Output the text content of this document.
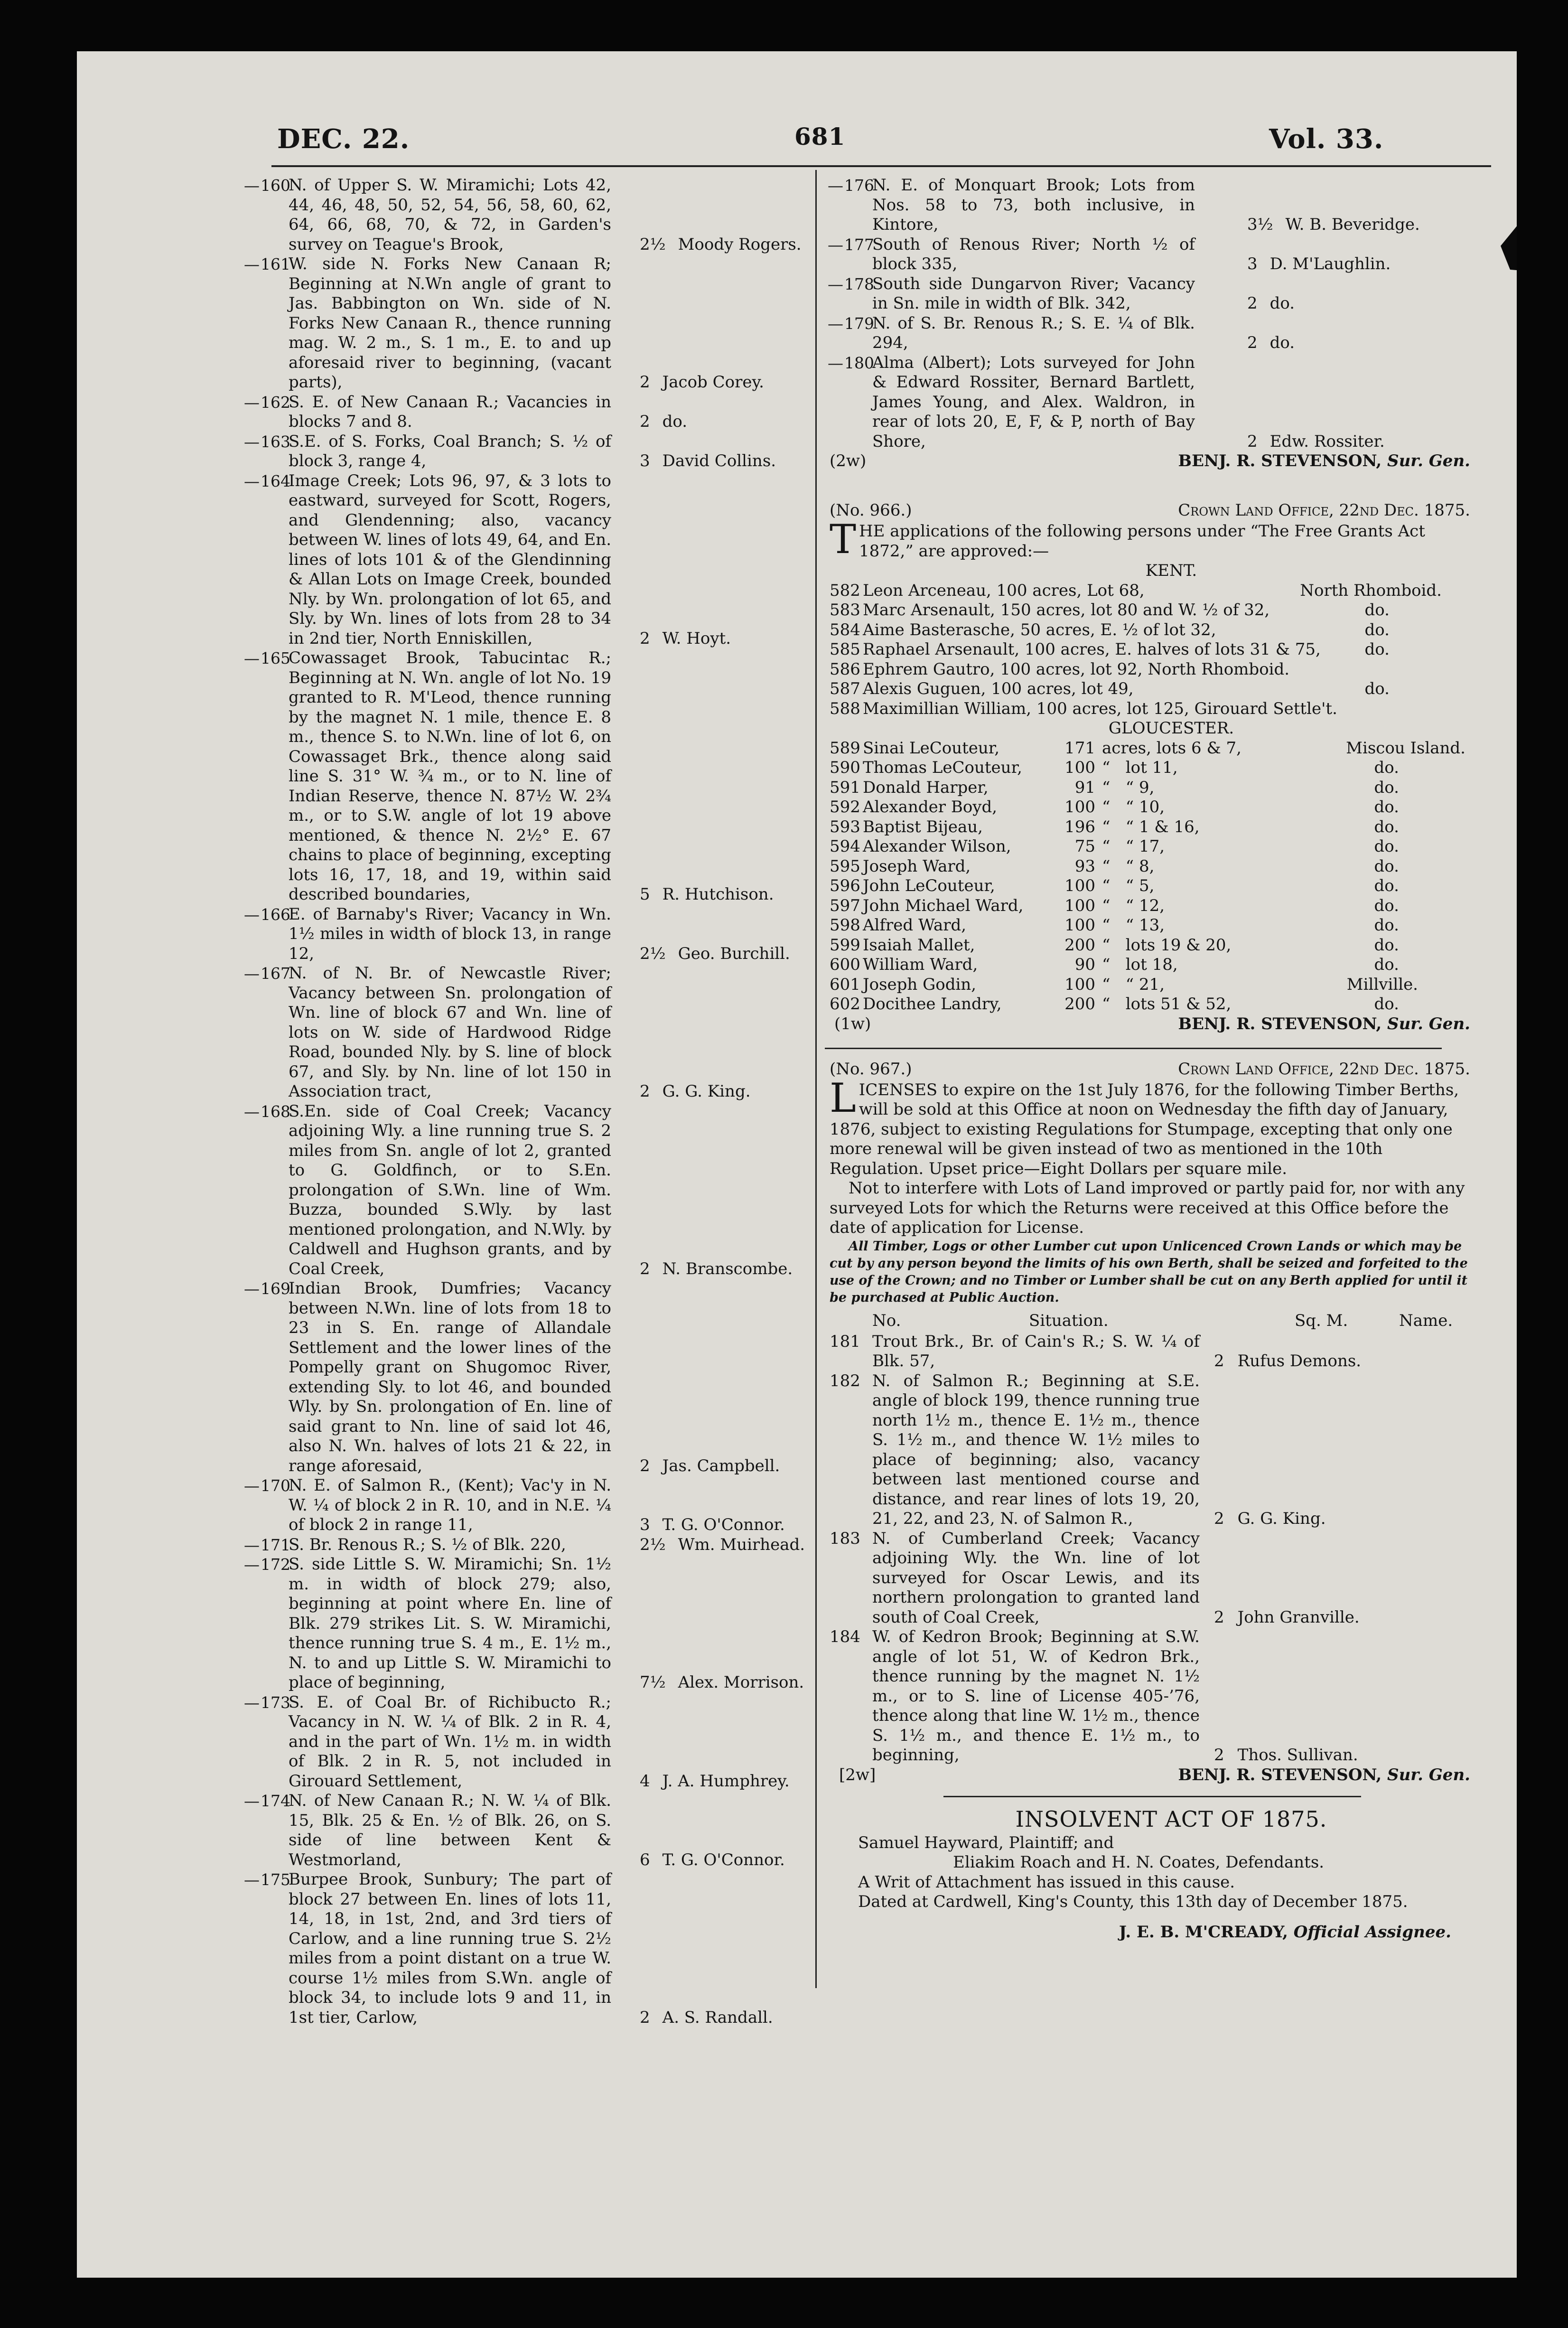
DEC. 22.	681	Vol. 33.
— 160
N. of Upper S. W. Miramichi; Lots 42, 44, 46, 48, 50, 52, 54, 56, 58, 60, 62, 64, 66, 68, 70, & 72, in Garden's survey on Teague's Brook,	2½ Moody Rogers.
— 161
W. side N. Forks New Canaan R; Beginning at N.Wn angle of grant to Jas. Babbington on Wn. side of N. Forks New Canaan R., thence running mag. W. 2 m., S. 1 m., E. to and up aforesaid river to beginning, (vacant parts),	2 Jacob Corey.
— 162
S. E. of New Canaan R.; Vacancies in blocks 7 and 8.	2 do.
— 163
S.E. of S. Forks, Coal Branch; S. ½ of block 3, range 4,	3 David Collins.
— 164
Image Creek; Lots 96, 97, & 3 lots to eastward, surveyed for Scott, Rogers, and Glendenning; also, vacancy between W. lines of lots 49, 64, and En. lines of lots 101 & of the Glendinning & Allan Lots on Image Creek, bounded Nly. by Wn. prolongation of lot 65, and Sly. by Wn. lines of lots from 28 to 34 in 2nd tier, North Enniskillen,	2 W. Hoyt.
— 165
Cowassaget Brook, Tabucintac R.; Beginning at N. Wn. angle of lot No. 19 granted to R. M'Leod, thence running by the magnet N. 1 mile, thence E. 8 m., thence S. to N.Wn. line of lot 6, on Cowassaget Brk., thence along said line S. 31° W. ¾ m., or to N. line of Indian Reserve, thence N. 87½ W. 2¾ m., or to S.W. angle of lot 19 above mentioned, & thence N. 2½° E. 67 chains to place of beginning, excepting lots 16, 17, 18, and 19, within said described boundaries,	5 R. Hutchison.
— 166
E. of Barnaby's River; Vacancy in Wn. 1½ miles in width of block 13, in range 12,	2½ Geo. Burchill.
— 167
N. of N. Br. of Newcastle River; Vacancy between Sn. prolongation of Wn. line of block 67 and Wn. line of lots on W. side of Hardwood Ridge Road, bounded Nly. by S. line of block 67, and Sly. by Nn. line of lot 150 in Association tract,	2 G. G. King.
— 168
S.En. side of Coal Creek; Vacancy adjoining Wly. a line running true S. 2 miles from Sn. angle of lot 2, granted to G. Goldfinch, or to S.En. prolongation of S.Wn. line of Wm. Buzza, bounded S.Wly. by last mentioned prolongation, and N.Wly. by Caldwell and Hughson grants, and by Coal Creek,	2 N. Branscombe.
— 169
Indian Brook, Dumfries; Vacancy between N.Wn. line of lots from 18 to 23 in S. En. range of Allandale Settlement and the lower lines of the Pompelly grant on Shugomoc River, extending Sly. to lot 46, and bounded Wly. by Sn. prolongation of En. line of said grant to Nn. line of said lot 46, also N. Wn. halves of lots 21 & 22, in range aforesaid,	2 Jas. Campbell.
— 170
N. E. of Salmon R., (Kent); Vac'y in N. W. ¼ of block 2 in R. 10, and in N.E. ¼ of block 2 in range 11,	3 T. G. O'Connor.
— 171
S. Br. Renous R.; S. ½ of Blk. 220,	2½ Wm. Muirhead.
— 172
S. side Little S. W. Miramichi; Sn. 1½ m. in width of block 279; also, beginning at point where En. line of Blk. 279 strikes Lit. S. W. Miramichi, thence running true S. 4 m., E. 1½ m., N. to and up Little S. W. Miramichi to place of beginning,	7½ Alex. Morrison.
— 173
S. E. of Coal Br. of Richibucto R.; Vacancy in N. W. ¼ of Blk. 2 in R. 4, and in the part of Wn. 1½ m. in width of Blk. 2 in R. 5, not included in Girouard Settlement,	4 J. A. Humphrey.
— 174
N. of New Canaan R.; N. W. ¼ of Blk. 15, Blk. 25 & En. ½ of Blk. 26, on S. side of line between Kent & Westmorland,	6 T. G. O'Connor.
— 175
Burpee Brook, Sunbury; The part of block 27 between En. lines of lots 11, 14, 18, in 1st, 2nd, and 3rd tiers of Carlow, and a line running true S. 2½ miles from a point distant on a true W. course 1½ miles from S.Wn. angle of block 34, to include lots 9 and 11, in 1st tier, Carlow,	2 A. S. Randall.
— 176
N. E. of Monquart Brook; Lots from Nos. 58 to 73, both inclusive, in Kintore,	3½ W. B. Beveridge.
— 177
South of Renous River; North ½ of block 335,	3 D. M'Laughlin.
— 178
South side Dungarvon River; Vacancy in Sn. mile in width of Blk. 342,	2 do.
— 179
N. of S. Br. Renous R.; S. E. ¼ of Blk. 294,	2 do.
— 180
Alma (Albert); Lots surveyed for John & Edward Rossiter, Bernard Bartlett, James Young, and Alex. Waldron, in rear of lots 20, E, F, & P, north of Bay Shore,	2 Edw. Rossiter.
(2w)	BENJ. R. STEVENSON, Sur. Gen.
(No. 966.)	Crown Land Office, 22nd Dec. 1875.
THE applications of the following persons under “The Free Grants Act 1872,” are approved:—
KENT.
582 Leon Arceneau, 100 acres, Lot 68,	North Rhomboid.
583 Marc Arsenault, 150 acres, lot 80 and W. ½ of 32,	do.
584 Aime Basterasche, 50 acres, E. ½ of lot 32,	do.
585 Raphael Arsenault, 100 acres, E. halves of lots 31 & 75,	do.
586 Ephrem Gautro, 100 acres, lot 92, North Rhomboid.
587 Alexis Guguen, 100 acres, lot 49,	do.
588 Maximillian William, 100 acres, lot 125, Girouard Settle't.
GLOUCESTER.
589 Sinai LeCouteur,	171 acres, lots 6 & 7,	Miscou Island.
590 Thomas LeCouteur,	100 “   lot 11,	do.
591 Donald Harper,	91 “   “ 9,	do.
592 Alexander Boyd,	100 “   “ 10,	do.
593 Baptist Bijeau,	196 “   “ 1 & 16,	do.
594 Alexander Wilson,	75 “   “ 17,	do.
595 Joseph Ward,	93 “   “ 8,	do.
596 John LeCouteur,	100 “   “ 5,	do.
597 John Michael Ward,	100 “   “ 12,	do.
598 Alfred Ward,	100 “   “ 13,	do.
599 Isaiah Mallet,	200 “   lots 19 & 20,	do.
600 William Ward,	90 “   lot 18,	do.
601 Joseph Godin,	100 “   “ 21,	Millville.
602 Docithee Landry,	200 “   lots 51 & 52,	do.
(1w)	BENJ. R. STEVENSON, Sur. Gen.
(No. 967.)	Crown Land Office, 22nd Dec. 1875.
LICENSES to expire on the 1st July 1876, for the following Timber Berths, will be sold at this Office at noon on Wednesday the fifth day of January, 1876, subject to existing Regulations for Stumpage, excepting that only one more renewal will be given instead of two as mentioned in the 10th Regulation. Upset price—Eight Dollars per square mile.
Not to interfere with Lots of Land improved or partly paid for, nor with any surveyed Lots for which the Returns were received at this Office before the date of application for License.
All Timber, Logs or other Lumber cut upon Unlicenced Crown Lands or which may be cut by any person beyond the limits of his own Berth, shall be seized and forfeited to the use of the Crown; and no Timber or Lumber shall be cut on any Berth applied for until it be purchased at Public Auction.
No.	Situation.	Sq. M.	Name.
181 Trout Brk., Br. of Cain's R.; S. W. ¼ of Blk. 57,	2 Rufus Demons.
182 N. of Salmon R.; Beginning at S.E. angle of block 199, thence running true north 1½ m., thence E. 1½ m., thence S. 1½ m., and thence W. 1½ miles to place of beginning; also, vacancy between last mentioned course and distance, and rear lines of lots 19, 20, 21, 22, and 23, N. of Salmon R.,	2 G. G. King.
183 N. of Cumberland Creek; Vacancy adjoining Wly. the Wn. line of lot surveyed for Oscar Lewis, and its northern prolongation to granted land south of Coal Creek,	2 John Granville.
184 W. of Kedron Brook; Beginning at S.W. angle of lot 51, W. of Kedron Brk., thence running by the magnet N. 1½ m., or to S. line of License 405-’76, thence along that line W. 1½ m., thence S. 1½ m., and thence E. 1½ m., to beginning,	2 Thos. Sullivan.
[2w]	BENJ. R. STEVENSON, Sur. Gen.
INSOLVENT ACT OF 1875.
Samuel Hayward, Plaintiff; and
Eliakim Roach and H. N. Coates, Defendants.
A Writ of Attachment has issued in this cause.
Dated at Cardwell, King's County, this 13th day of December 1875.
J. E. B. M'CREADY, Official Assignee.
